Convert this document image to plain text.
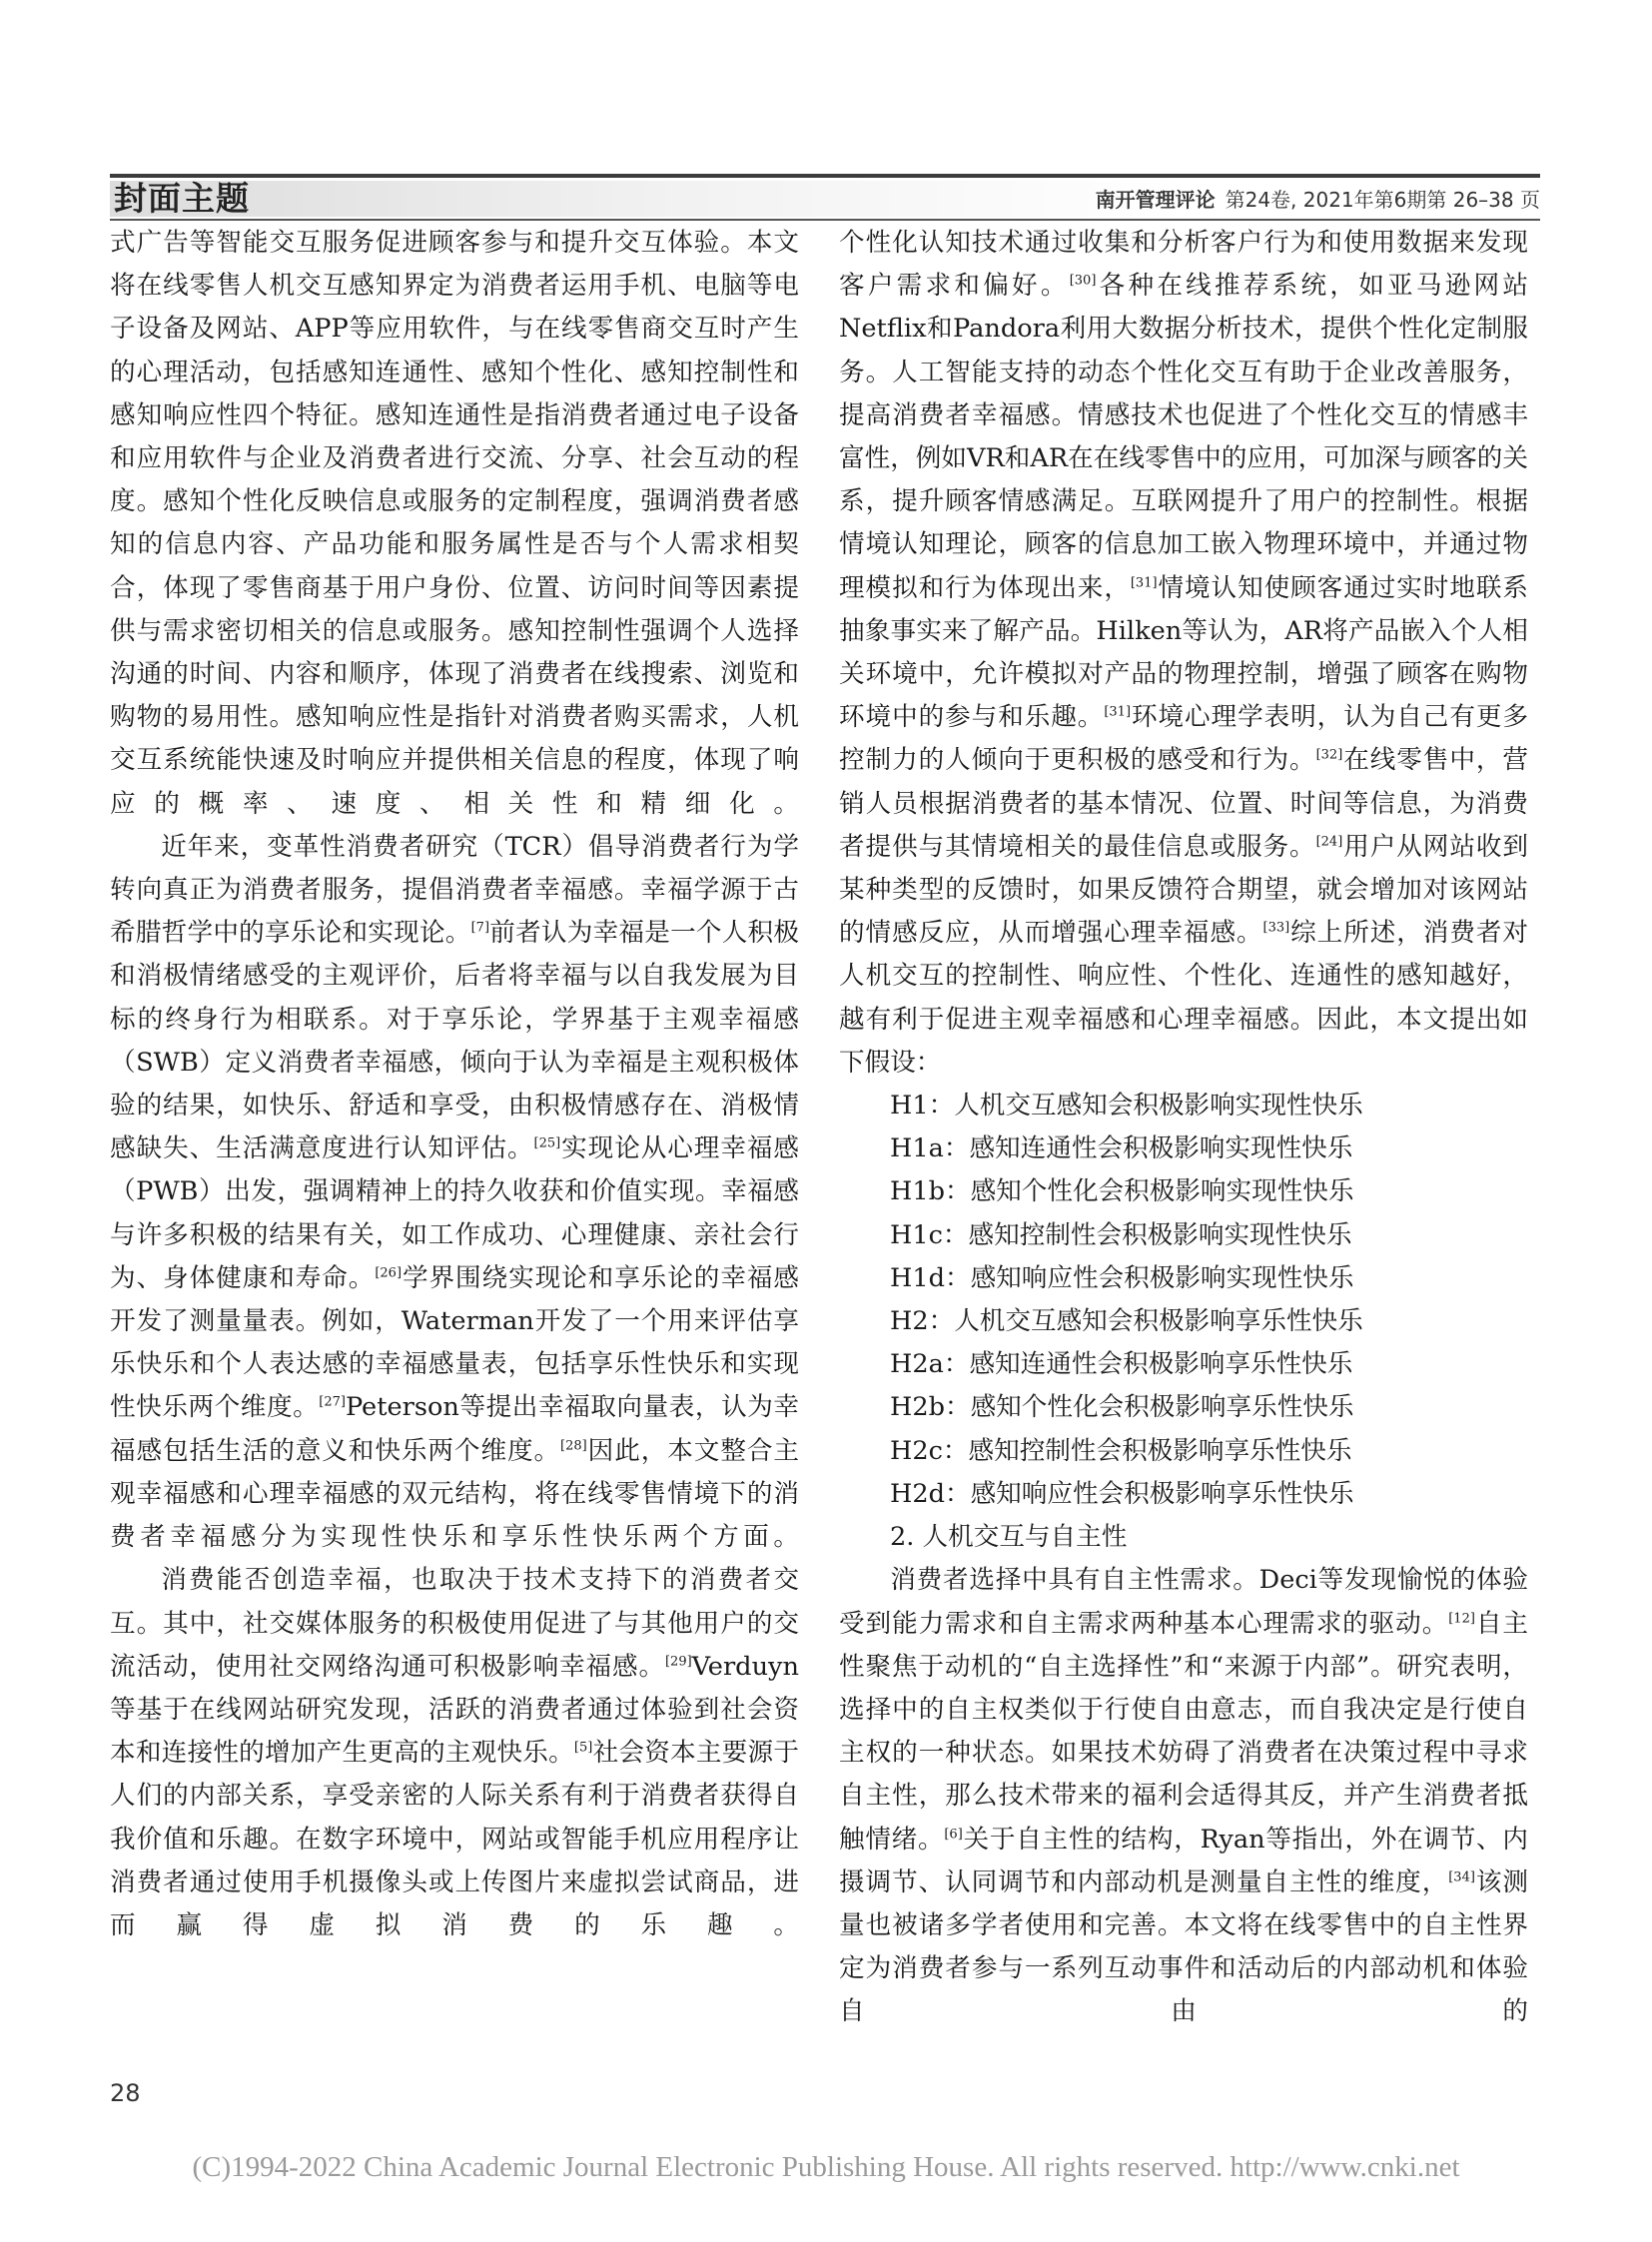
封面主题	南开管理评论 第24卷, 2021年第6期第 26–38 页

式广告等智能交互服务促进顾客参与和提升交互体验。本文将在线零售人机交互感知界定为消费者运用手机、电脑等电子设备及网站、APP等应用软件，与在线零售商交互时产生的心理活动，包括感知连通性、感知个性化、感知控制性和感知响应性四个特征。感知连通性是指消费者通过电子设备和应用软件与企业及消费者进行交流、分享、社会互动的程度。感知个性化反映信息或服务的定制程度，强调消费者感知的信息内容、产品功能和服务属性是否与个人需求相契合，体现了零售商基于用户身份、位置、访问时间等因素提供与需求密切相关的信息或服务。感知控制性强调个人选择沟通的时间、内容和顺序，体现了消费者在线搜索、浏览和购物的易用性。感知响应性是指针对消费者购买需求，人机交互系统能快速及时响应并提供相关信息的程度，体现了响应的概率、速度、相关性和精细化。

近年来，变革性消费者研究（TCR）倡导消费者行为学转向真正为消费者服务，提倡消费者幸福感。幸福学源于古希腊哲学中的享乐论和实现论。[7]前者认为幸福是一个人积极和消极情绪感受的主观评价，后者将幸福与以自我发展为目标的终身行为相联系。对于享乐论，学界基于主观幸福感（SWB）定义消费者幸福感，倾向于认为幸福是主观积极体验的结果，如快乐、舒适和享受，由积极情感存在、消极情感缺失、生活满意度进行认知评估。[25]实现论从心理幸福感（PWB）出发，强调精神上的持久收获和价值实现。幸福感与许多积极的结果有关，如工作成功、心理健康、亲社会行为、身体健康和寿命。[26]学界围绕实现论和享乐论的幸福感开发了测量量表。例如，Waterman开发了一个用来评估享乐快乐和个人表达感的幸福感量表，包括享乐性快乐和实现性快乐两个维度。[27]Peterson等提出幸福取向量表，认为幸福感包括生活的意义和快乐两个维度。[28]因此，本文整合主观幸福感和心理幸福感的双元结构，将在线零售情境下的消费者幸福感分为实现性快乐和享乐性快乐两个方面。

消费能否创造幸福，也取决于技术支持下的消费者交互。其中，社交媒体服务的积极使用促进了与其他用户的交流活动，使用社交网络沟通可积极影响幸福感。[29]Verduyn等基于在线网站研究发现，活跃的消费者通过体验到社会资本和连接性的增加产生更高的主观快乐。[5]社会资本主要源于人们的内部关系，享受亲密的人际关系有利于消费者获得自我价值和乐趣。在数字环境中，网站或智能手机应用程序让消费者通过使用手机摄像头或上传图片来虚拟尝试商品，进而赢得虚拟消费的乐趣。

个性化认知技术通过收集和分析客户行为和使用数据来发现客户需求和偏好。[30]各种在线推荐系统，如亚马逊网站Netflix和Pandora利用大数据分析技术，提供个性化定制服务。人工智能支持的动态个性化交互有助于企业改善服务，提高消费者幸福感。情感技术也促进了个性化交互的情感丰富性，例如VR和AR在在线零售中的应用，可加深与顾客的关系，提升顾客情感满足。互联网提升了用户的控制性。根据情境认知理论，顾客的信息加工嵌入物理环境中，并通过物理模拟和行为体现出来，[31]情境认知使顾客通过实时地联系抽象事实来了解产品。Hilken等认为，AR将产品嵌入个人相关环境中，允许模拟对产品的物理控制，增强了顾客在购物环境中的参与和乐趣。[31]环境心理学表明，认为自己有更多控制力的人倾向于更积极的感受和行为。[32]在线零售中，营销人员根据消费者的基本情况、位置、时间等信息，为消费者提供与其情境相关的最佳信息或服务。[24]用户从网站收到某种类型的反馈时，如果反馈符合期望，就会增加对该网站的情感反应，从而增强心理幸福感。[33]综上所述，消费者对人机交互的控制性、响应性、个性化、连通性的感知越好，越有利于促进主观幸福感和心理幸福感。因此，本文提出如下假设：

H1：人机交互感知会积极影响实现性快乐

H1a：感知连通性会积极影响实现性快乐

H1b：感知个性化会积极影响实现性快乐

H1c：感知控制性会积极影响实现性快乐

H1d：感知响应性会积极影响实现性快乐

H2：人机交互感知会积极影响享乐性快乐

H2a：感知连通性会积极影响享乐性快乐

H2b：感知个性化会积极影响享乐性快乐

H2c：感知控制性会积极影响享乐性快乐

H2d：感知响应性会积极影响享乐性快乐

2. 人机交互与自主性

消费者选择中具有自主性需求。Deci等发现愉悦的体验受到能力需求和自主需求两种基本心理需求的驱动。[12]自主性聚焦于动机的“自主选择性”和“来源于内部”。研究表明，选择中的自主权类似于行使自由意志，而自我决定是行使自主权的一种状态。如果技术妨碍了消费者在决策过程中寻求自主性，那么技术带来的福利会适得其反，并产生消费者抵触情绪。[6]关于自主性的结构，Ryan等指出，外在调节、内摄调节、认同调节和内部动机是测量自主性的维度，[34]该测量也被诸多学者使用和完善。本文将在线零售中的自主性界定为消费者参与一系列互动事件和活动后的内部动机和体验自由的

28
(C)1994-2022 China Academic Journal Electronic Publishing House. All rights reserved. http://www.cnki.net
